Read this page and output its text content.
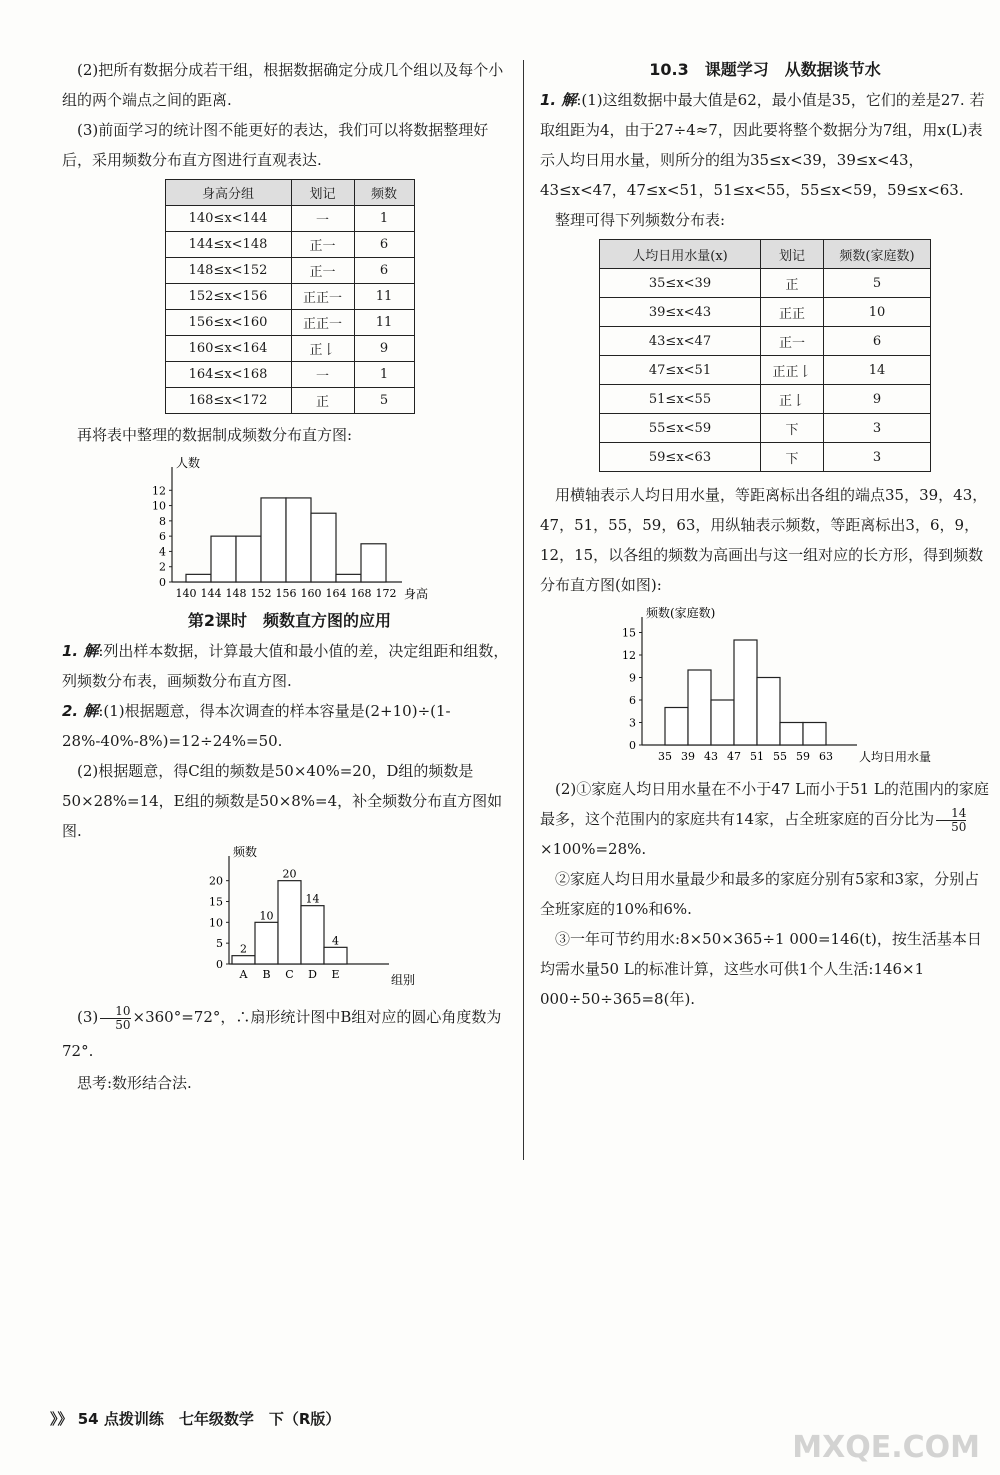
(2)把所有数据分成若干组，根据数据确定分成几个组以及每个小组的两个端点之间的距离.

(3)前面学习的统计图不能更好的表达，我们可以将数据整理好后，采用频数分布直方图进行直观表达.

身高分组	划记	频数
140≤x<144	一	1
144≤x<148	正一	6
148≤x<152	正一	6
152≤x<156	正正一	11
156≤x<160	正正一	11
160≤x<164	正𠄌	9
164≤x<168	一	1
168≤x<172	正	5

再将表中整理的数据制成频数分布直方图:

身高
人数
0
2
4
6
8
10
12
140 144 148 152 156 160 164 168 172
第2课时　频数直方图的应用

1. 解:列出样本数据，计算最大值和最小值的差，决定组距和组数，列频数分布表，画频数分布直方图.

2. 解:(1)根据题意，得本次调查的样本容量是(2+10)÷(1-28%-40%-8%)=12÷24%=50.

(2)根据题意，得C组的频数是50×40%=20，D组的频数是50×28%=14，E组的频数是50×8%=4，补全频数分布直方图如图.

组别
频数
0
5
10
15
20
2
A
10
B
20
C
14
D
4
E

$(3) \frac{10}{50} \times 360^\circ=72^\circ$，∴扇形统计图中B组对应的圆心角度数为72°.

思考:数形结合法.

10.3　课题学习　从数据谈节水

1. 解:(1)这组数据中最大值是62，最小值是35，它们的差是27. 若取组距为4，由于27÷4≈7，因此要将整个数据分为7组，用x(L)表示人均日用水量，则所分的组为35≤x<39，39≤x<43，43≤x<47，47≤x<51，51≤x<55，55≤x<59，59≤x<63.

整理可得下列频数分布表:

人均日用水量(x)	划记	频数(家庭数)
35≤x<39	正	5
39≤x<43	正正	10
43≤x<47	正一	6
47≤x<51	正正𠄌	14
51≤x<55	正𠄌	9
55≤x<59	下	3
59≤x<63	下	3

用横轴表示人均日用水量，等距离标出各组的端点35，39，43，47，51，55，59，63，用纵轴表示频数，等距离标出3，6，9，12，15，以各组的频数为高画出与这一组对应的长方形，得到频数分布直方图(如图):

人均日用水量
频数(家庭数)
0
3
6
9
12
15
35 39 43 47 51 55 59 63

(2)①家庭人均日用水量在不小于47 L而小于51 L的范围内的家庭最多，这个范围内的家庭共有14家，占全班家庭的百分比为 $\frac{14}{50}$
×100%=28%.

②家庭人均日用水量最少和最多的家庭分别有5家和3家，分别占全班家庭的10%和6%.

③一年可节约用水:8×50×365÷1 000=146(t)，按生活基本日均需水量50 L的标准计算，这些水可供1个人生活:146×1 000÷50÷365=8(年).

》》 54 点拨训练　七年级数学　下（R版）
MXQE.COM
